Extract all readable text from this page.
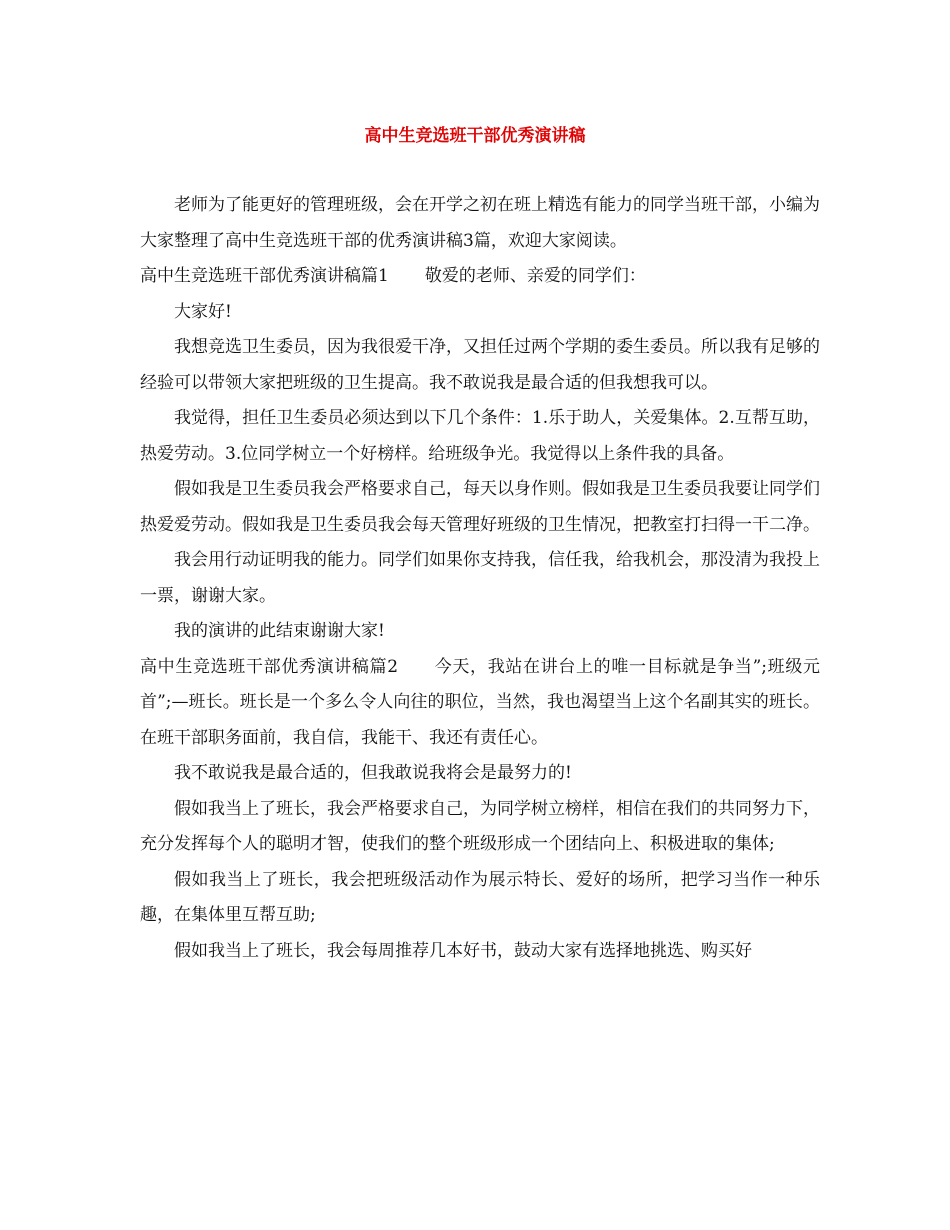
高中生竞选班干部优秀演讲稿

老师为了能更好的管理班级，会在开学之初在班上精选有能力的同学当班干部，小编为大家整理了高中生竞选班干部的优秀演讲稿3篇，欢迎大家阅读。

高中生竞选班干部优秀演讲稿篇1 敬爱的老师、亲爱的同学们：

大家好!

我想竞选卫生委员，因为我很爱干净，又担任过两个学期的委生委员。所以我有足够的经验可以带领大家把班级的卫生提高。我不敢说我是最合适的但我想我可以。

我觉得，担任卫生委员必须达到以下几个条件：1.乐于助人，关爱集体。2.互帮互助，热爱劳动。3.位同学树立一个好榜样。给班级争光。我觉得以上条件我的具备。

假如我是卫生委员我会严格要求自己，每天以身作则。假如我是卫生委员我要让同学们热爱爱劳动。假如我是卫生委员我会每天管理好班级的卫生情况，把教室打扫得一干二净。

我会用行动证明我的能力。同学们如果你支持我，信任我，给我机会，那没清为我投上一票，谢谢大家。

我的演讲的此结束谢谢大家!

高中生竞选班干部优秀演讲稿篇2 今天，我站在讲台上的唯一目标就是争当”;班级元首”;—班长。班长是一个多么令人向往的职位，当然，我也渴望当上这个名副其实的班长。在班干部职务面前，我自信，我能干、我还有责任心。

我不敢说我是最合适的，但我敢说我将会是最努力的!

假如我当上了班长，我会严格要求自己，为同学树立榜样，相信在我们的共同努力下，充分发挥每个人的聪明才智，使我们的整个班级形成一个团结向上、积极进取的集体;

假如我当上了班长，我会把班级活动作为展示特长、爱好的场所，把学习当作一种乐趣，在集体里互帮互助;

假如我当上了班长，我会每周推荐几本好书，鼓动大家有选择地挑选、购买好
